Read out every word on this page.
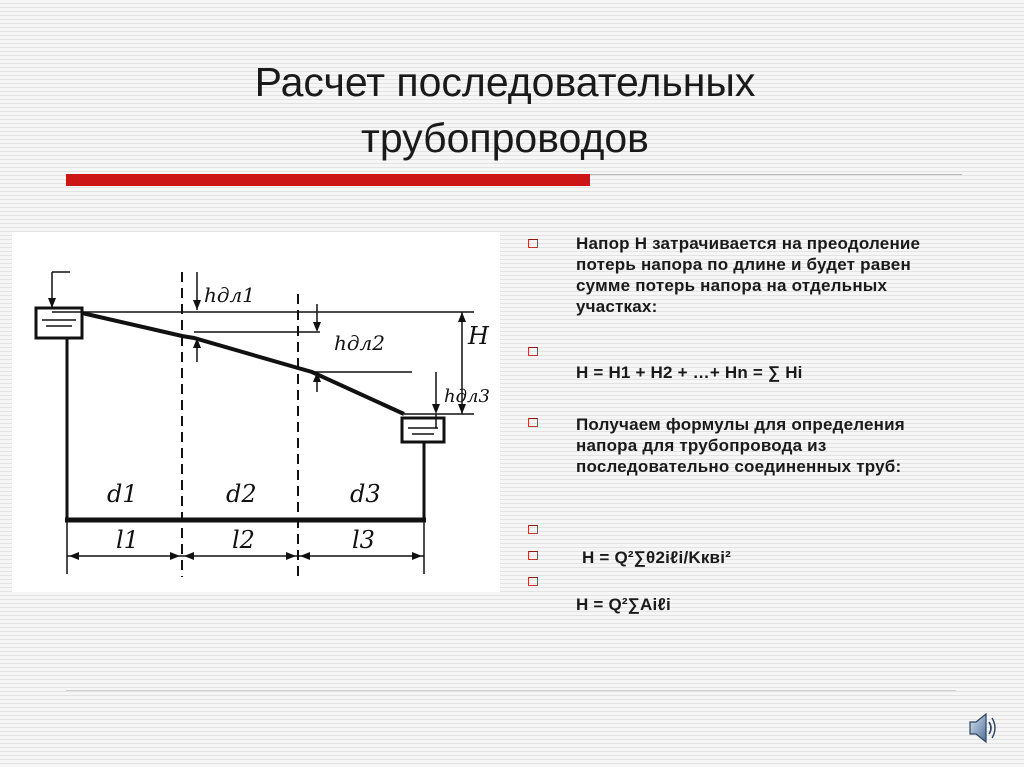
Расчет последовательных
трубопроводов
H
hдл1
hдл2
hдл3
d1	d2	d3
l1	l2	l3
Напор H затрачивается на преодоление потерь напора по длине и будет равен сумме потерь напора на отдельных участках:
H = H1 + H2 + …+ Hn = ∑ Hi
Получаем формулы для определения напора для трубопровода из последовательно соединенных труб:
H = Q²∑θ2iℓi/Kквi²
H = Q²∑Aiℓi
